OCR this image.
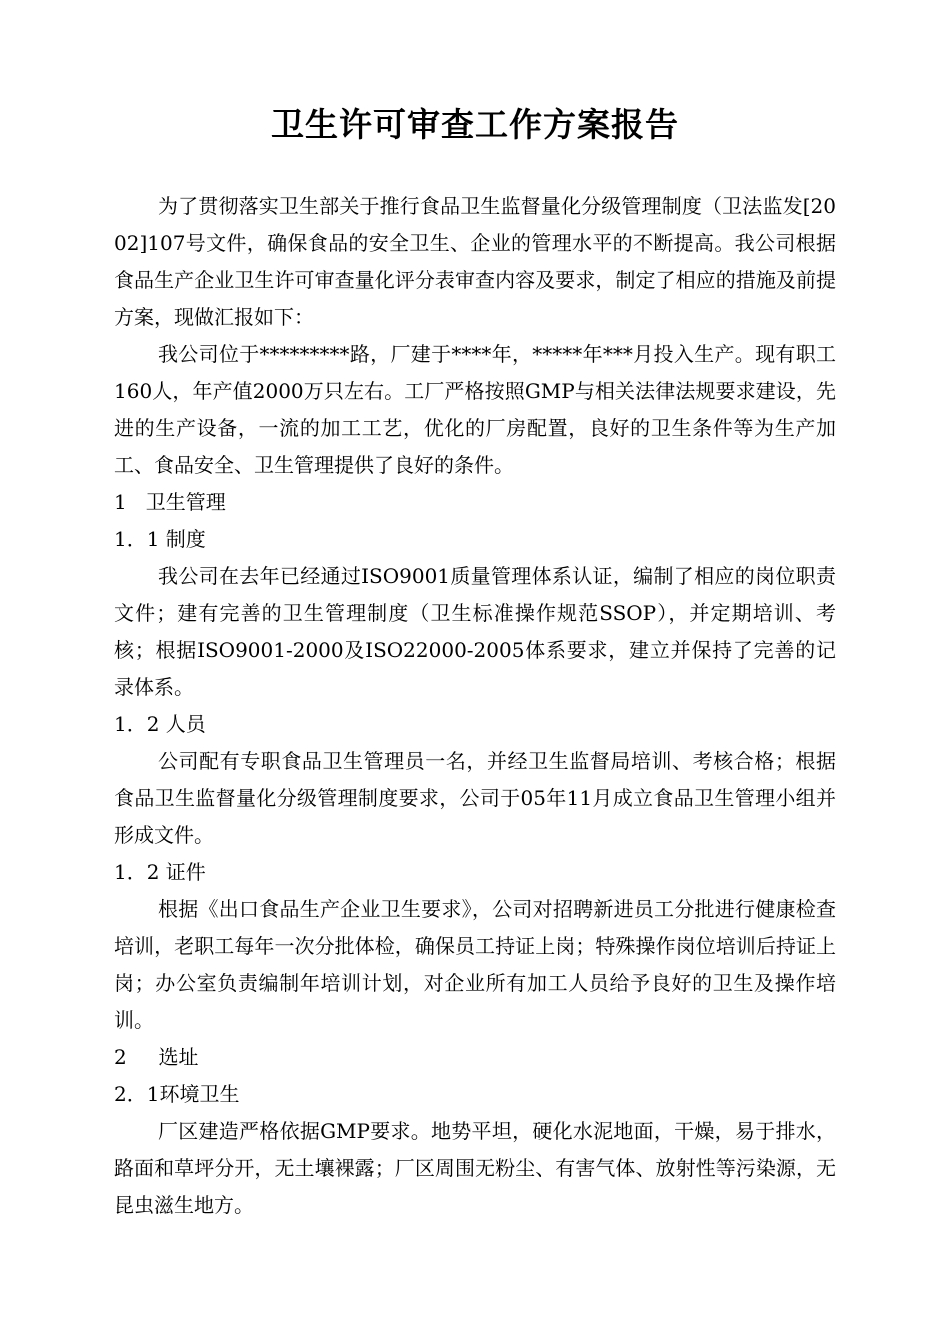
卫生许可审查工作方案报告

为了贯彻落实卫生部关于推行食品卫生监督量化分级管理制度（卫法监发[2002]107号文件，确保食品的安全卫生、企业的管理水平的不断提高。我公司根据食品生产企业卫生许可审查量化评分表审查内容及要求，制定了相应的措施及前提方案，现做汇报如下：

我公司位于*********路，厂建于****年，*****年***月投入生产。现有职工160人，年产值2000万只左右。工厂严格按照GMP与相关法律法规要求建设，先进的生产设备，一流的加工工艺，优化的厂房配置，良好的卫生条件等为生产加工、食品安全、卫生管理提供了良好的条件。

1   卫生管理

1．1 制度

我公司在去年已经通过ISO9001质量管理体系认证，编制了相应的岗位职责文件；建有完善的卫生管理制度（卫生标准操作规范SSOP），并定期培训、考核；根据ISO9001-2000及ISO22000-2005体系要求，建立并保持了完善的记录体系。

1．2 人员

公司配有专职食品卫生管理员一名，并经卫生监督局培训、考核合格；根据食品卫生监督量化分级管理制度要求，公司于05年11月成立食品卫生管理小组并形成文件。

1．2 证件

根据《出口食品生产企业卫生要求》，公司对招聘新进员工分批进行健康检查培训，老职工每年一次分批体检，确保员工持证上岗；特殊操作岗位培训后持证上岗；办公室负责编制年培训计划，对企业所有加工人员给予良好的卫生及操作培训。

2     选址

2．1环境卫生

厂区建造严格依据GMP要求。地势平坦，硬化水泥地面，干燥，易于排水，路面和草坪分开，无土壤裸露；厂区周围无粉尘、有害气体、放射性等污染源，无昆虫滋生地方。
